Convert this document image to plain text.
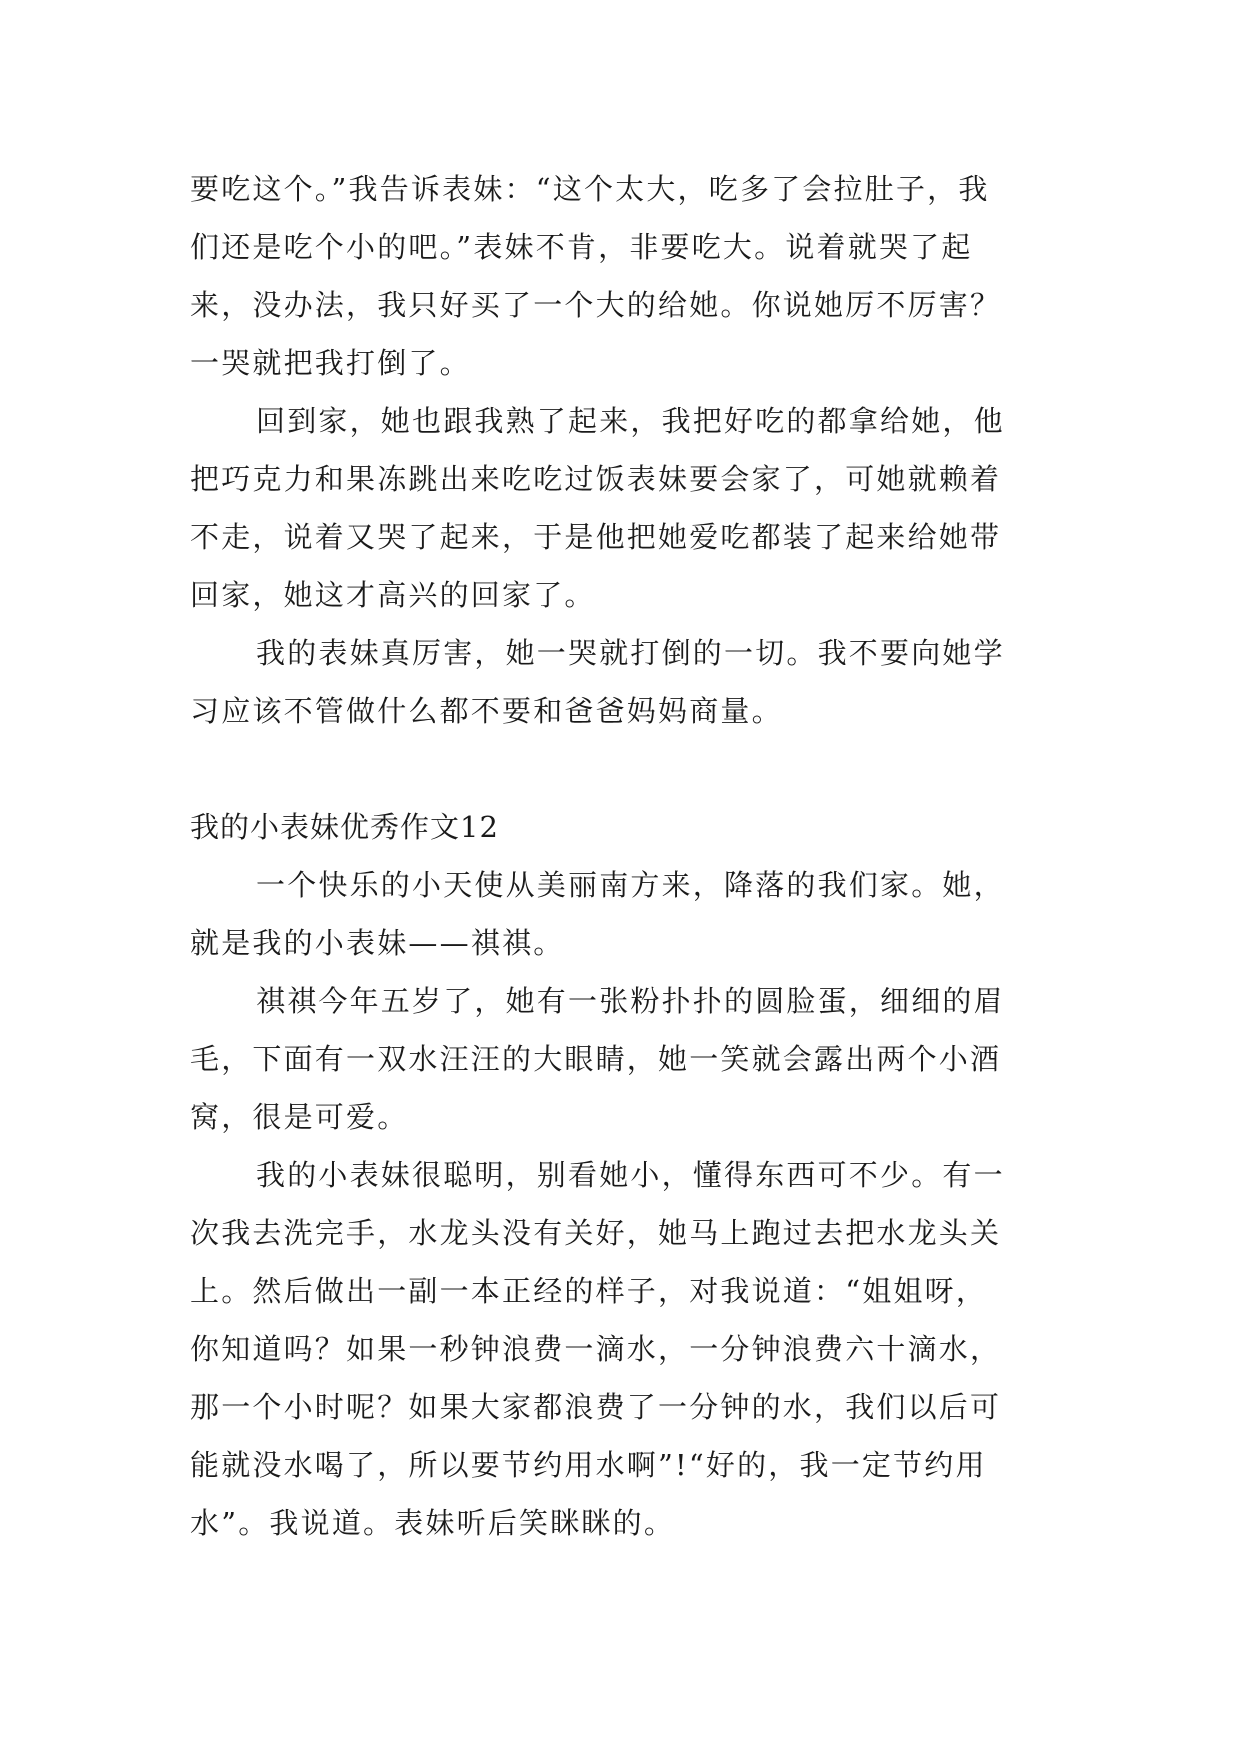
要吃这个。”我告诉表妹：“这个太大，吃多了会拉肚子，我
们还是吃个小的吧。”表妹不肯，非要吃大。说着就哭了起
来，没办法，我只好买了一个大的给她。你说她厉不厉害？
一哭就把我打倒了。
回到家，她也跟我熟了起来，我把好吃的都拿给她，他
把巧克力和果冻跳出来吃吃过饭表妹要会家了，可她就赖着
不走，说着又哭了起来，于是他把她爱吃都装了起来给她带
回家，她这才高兴的回家了。
我的表妹真厉害，她一哭就打倒的一切。我不要向她学
习应该不管做什么都不要和爸爸妈妈商量。
我的小表妹优秀作文12
一个快乐的小天使从美丽南方来，降落的我们家。她，
就是我的小表妹——祺祺。
祺祺今年五岁了，她有一张粉扑扑的圆脸蛋，细细的眉
毛，下面有一双水汪汪的大眼睛，她一笑就会露出两个小酒
窝，很是可爱。
我的小表妹很聪明，别看她小，懂得东西可不少。有一
次我去洗完手，水龙头没有关好，她马上跑过去把水龙头关
上。然后做出一副一本正经的样子，对我说道：“姐姐呀，
你知道吗？如果一秒钟浪费一滴水，一分钟浪费六十滴水，
那一个小时呢？如果大家都浪费了一分钟的水，我们以后可
能就没水喝了，所以要节约用水啊”!“好的，我一定节约用
水”。我说道。表妹听后笑眯眯的。
